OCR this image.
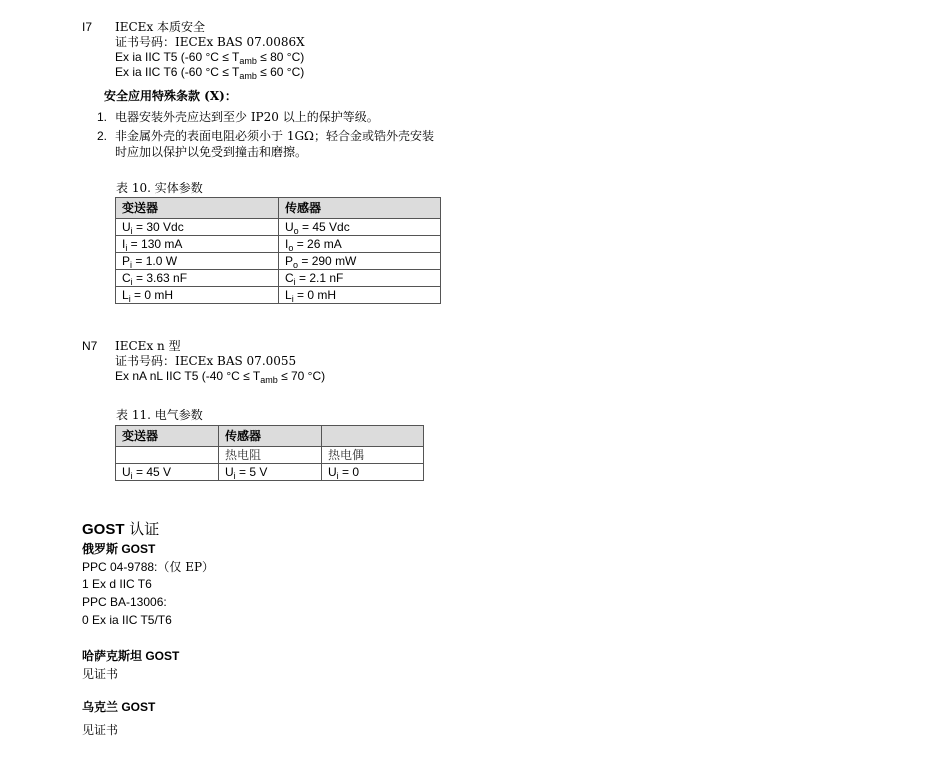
I7 IECEx 本质安全
证书号码：IECEx BAS 07.0086X
Ex ia IIC T5 (-60 $^\circ C \le T_{amb} \le 80$ °C)
Ex ia IIC T6 (-60 $^\circ C \le T_{amb} \le 60$ °C)
安全应用特殊条款 (X)：
1. 电器安装外壳应达到至少 IP20 以上的保护等级。
2. 非金属外壳的表面电阻必须小于 1GΩ；轻合金或锆外壳安装
时应加以保护以免受到撞击和磨擦。
表 10. 实体参数
变送器	传感器
$U_i = 30$ Vdc	$U_o = 45$ Vdc
$I_i = 130$ mA	$I_o = 26$ mA
$P_i = 1.0$ W	$P_o = 290$ mW
$C_i = 3.63$ nF	$C_i = 2.1$ nF
$L_i = 0$ mH	$L_i = 0$ mH
N7 IECEx n 型
证书号码：IECEx BAS 07.0055
Ex nA nL IIC T5 (-40 $^\circ C \le T_{amb} \le 70$ °C)
表 11. 电气参数
变送器	传感器	
	热电阻	热电偶
$U_i = 45$ V	$U_i = 5$ V	$U_i = 0$
GOST 认证
俄罗斯 GOST
PPC 04-9788:（仅 EP）
1 Ex d IIC T6
PPC BA-13006:
0 Ex ia IIC T5/T6
哈萨克斯坦 GOST
见证书
乌克兰 GOST
见证书
